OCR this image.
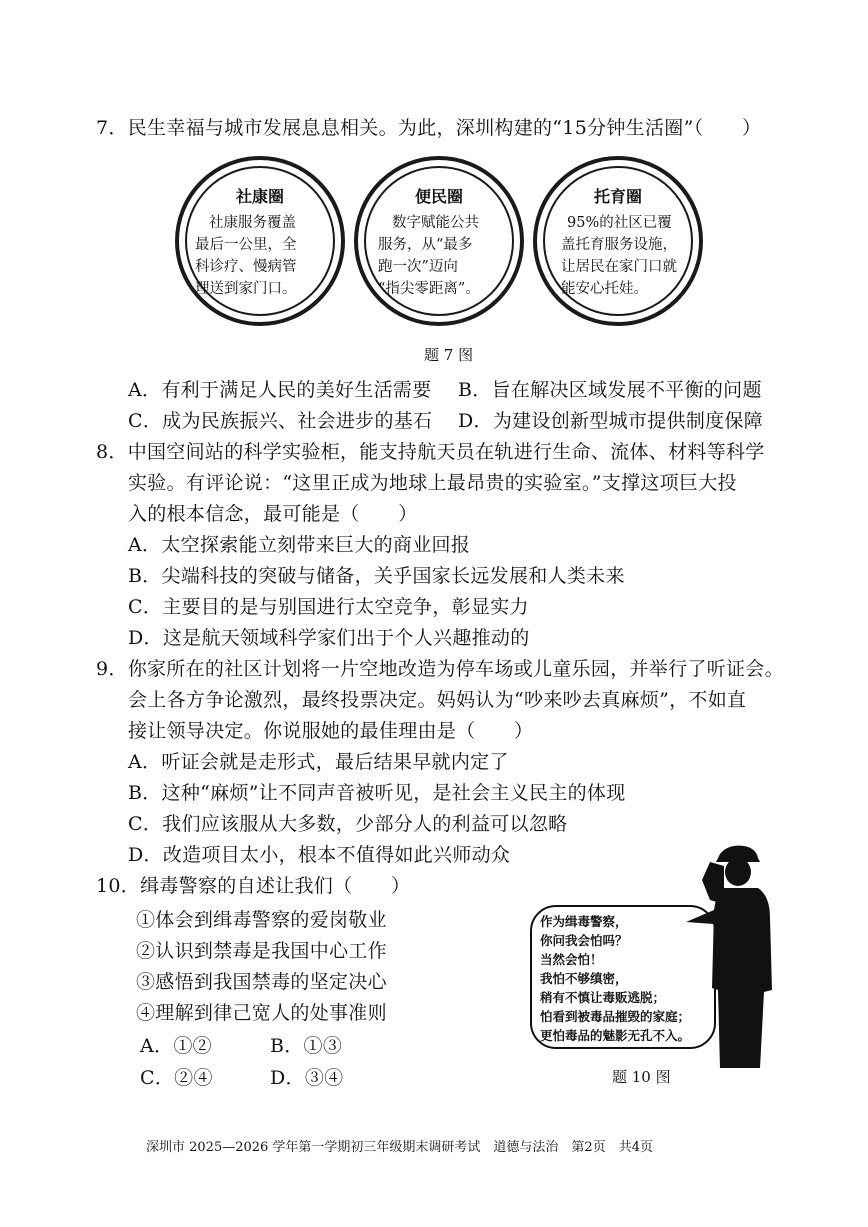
7．民生幸福与城市发展息息相关。为此，深圳构建的“15分钟生活圈”（　　）
社康圈
社康服务覆盖
最后一公里，全
科诊疗、慢病管
理送到家门口。
便民圈
数字赋能公共
服务，从“最多
跑一次”迈向
“指尖零距离”。
托育圈
95%的社区已覆
盖托育服务设施，
让居民在家门口就
能安心托娃。
题 7 图
A．有利于满足人民的美好生活需要 B．旨在解决区域发展不平衡的问题
C．成为民族振兴、社会进步的基石 D．为建设创新型城市提供制度保障
8．中国空间站的科学实验柜，能支持航天员在轨进行生命、流体、材料等科学
实验。有评论说：“这里正成为地球上最昂贵的实验室。”支撑这项巨大投
入的根本信念，最可能是（　　）
A．太空探索能立刻带来巨大的商业回报
B．尖端科技的突破与储备，关乎国家长远发展和人类未来
C．主要目的是与别国进行太空竞争，彰显实力
D．这是航天领域科学家们出于个人兴趣推动的
9．你家所在的社区计划将一片空地改造为停车场或儿童乐园，并举行了听证会。
会上各方争论激烈，最终投票决定。妈妈认为“吵来吵去真麻烦”，不如直
接让领导决定。你说服她的最佳理由是（　　）
A．听证会就是走形式，最后结果早就内定了
B．这种“麻烦”让不同声音被听见，是社会主义民主的体现
C．我们应该服从大多数，少部分人的利益可以忽略
D．改造项目太小，根本不值得如此兴师动众
10．缉毒警察的自述让我们（　　）
①体会到缉毒警察的爱岗敬业
②认识到禁毒是我国中心工作
③感悟到我国禁毒的坚定决心
④理解到律己宽人的处事准则
A．①②	B．①③
C．②④	D．③④
作为缉毒警察，
你问我会怕吗？
当然会怕！
我怕不够缜密，
稍有不慎让毒贩逃脱；
怕看到被毒品摧毁的家庭；
更怕毒品的魅影无孔不入。
题 10 图
深圳市 2025—2026 学年第一学期初三年级期末调研考试　道德与法治　第2页　共4页
